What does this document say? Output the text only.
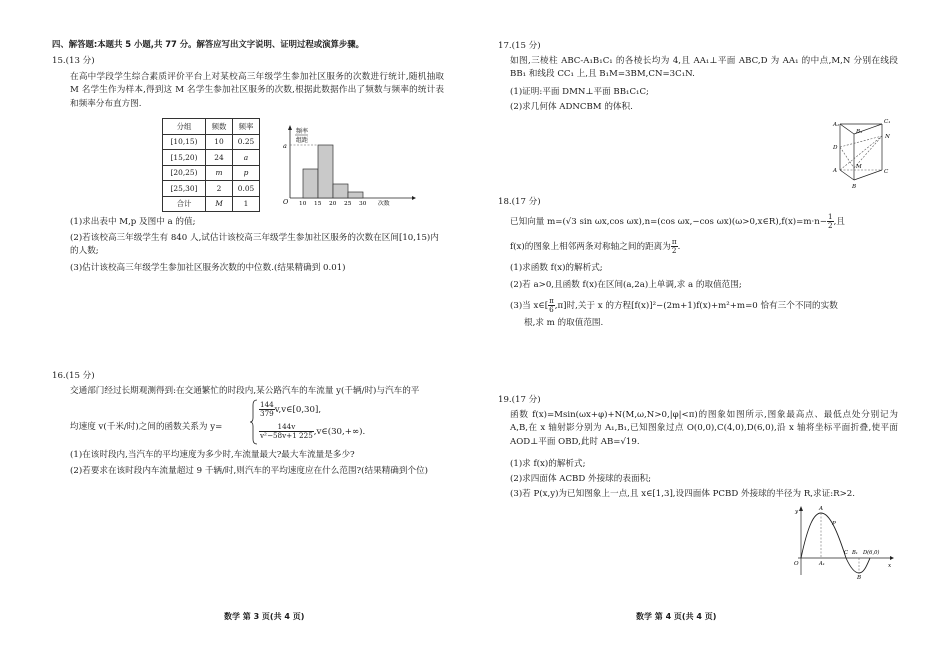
四、解答题:本题共 5 小题,共 77 分。解答应写出文字说明、证明过程或演算步骤。
15.(13 分)
在高中学段学生综合素质评价平台上对某校高三年级学生参加社区服务的次数进行统计,随机抽取 M 名学生作为样本,得到这 M 名学生参加社区服务的次数,根据此数据作出了频数与频率的统计表和频率分布直方图.
分组	频数	频率
[10,15)	10	0.25
[15,20)	24	a
[20,25)	m	p
[25,30]	2	0.05
合计	M	1
频率
组距
a
O 10 15 20 25 30 次数
(1)求出表中 M,p 及图中 a 的值;
(2)若该校高三年级学生有 840 人,试估计该校高三年级学生参加社区服务的次数在区间[10,15)内的人数;
(3)估计该校高三年级学生参加社区服务次数的中位数.(结果精确到 0.01)
16.(15 分)
交通部门经过长期观测得到:在交通繁忙的时段内,某公路汽车的车流量 y(千辆/时)与汽车的平
均速度 v(千米/时)之间的函数关系为 y=
$\frac{144}{379}$ v,v∈[0,30],
$\frac{144v}{\text{v²−58v+1 225}}$ ,v∈(30,+∞).
(1)在该时段内,当汽车的平均速度为多少时,车流量最大?最大车流量是多少?
(2)若要求在该时段内车流量超过 9 千辆/时,则汽车的平均速度应在什么范围?(结果精确到个位)
数学 第 3 页(共 4 页)
17.(15 分)
如图,三棱柱 ABC-A₁B₁C₁ 的各棱长均为 4,且 AA₁⊥平面 ABC,D 为 AA₁ 的中点,M,N 分别在线段 BB₁ 和线段 CC₁ 上,且 B₁M=3BM,CN=3C₁N.
(1)证明:平面 DMN⊥平面 BB₁C₁C;
(2)求几何体 ADNCBM 的体积.
A₁	C₁
B₁
N
D
M
A	C
B
18.(17 分)
已知向量 m=(√3 sin ωx,cos ωx),n=(cos ωx,−cos ωx)(ω>0,x∈R),f(x)=m·n− $\frac{1}{2}$ ,且
f(x)的图象上相邻两条对称轴之间的距离为 $\frac{\pi}{2}$ .
(1)求函数 f(x)的解析式;
(2)若 a>0,且函数 f(x)在区间(a,2a)上单调,求 a 的取值范围;
(3)当 x∈[ $\frac{\pi}{6} ,\pi$]时,关于 x 的方程[f(x)]²−(2m+1)f(x)+m²+m=0 恰有三个不同的实数
根,求 m 的取值范围.
19.(17 分)
函数 f(x)=Msin(ωx+φ)+N(M,ω,N>0,|φ|<π)的图象如图所示,图象最高点、最低点处分别记为 A,B,在 x 轴射影分别为 A₁,B₁,已知图象过点 O(0,0),C(4,0),D(6,0),沿 x 轴将坐标平面折叠,使平面 AOD⊥平面 OBD,此时 AB=√19.
(1)求 f(x)的解析式;
(2)求四面体 ACBD 外接球的表面积;
(3)若 P(x,y)为已知图象上一点,且 x∈[1,3],设四面体 PCBD 外接球的半径为 R,求证:R>2.
y	A
P
C B₁ D(6,0)
x
O	A₁
B
数学 第 4 页(共 4 页)
